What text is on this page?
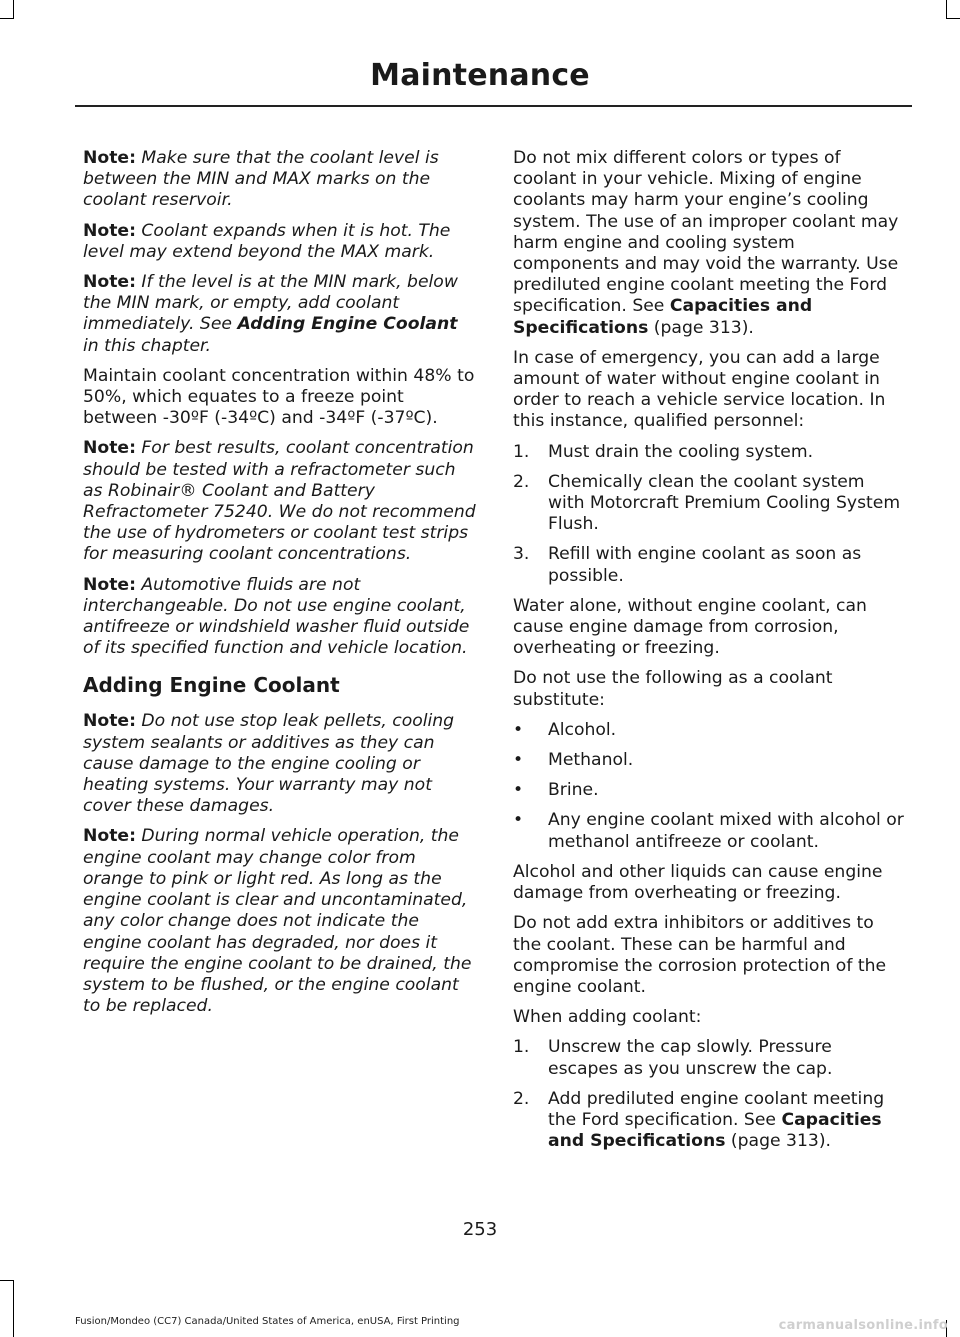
Maintenance

Note: Make sure that the coolant level is between the MIN and MAX marks on the coolant reservoir.

Note: Coolant expands when it is hot. The level may extend beyond the MAX mark.

Note: If the level is at the MIN mark, below the MIN mark, or empty, add coolant immediately. See Adding Engine Coolant in this chapter.

Maintain coolant concentration within 48% to 50%, which equates to a freeze point between -30ºF (-34ºC) and -34ºF (-37ºC).

Note: For best results, coolant concentration should be tested with a refractometer such as Robinair® Coolant and Battery Refractometer 75240. We do not recommend the use of hydrometers or coolant test strips for measuring coolant concentrations.

Note: Automotive fluids are not interchangeable. Do not use engine coolant, antifreeze or windshield washer fluid outside of its specified function and vehicle location.

Adding Engine Coolant

Note: Do not use stop leak pellets, cooling system sealants or additives as they can cause damage to the engine cooling or heating systems. Your warranty may not cover these damages.

Note: During normal vehicle operation, the engine coolant may change color from orange to pink or light red. As long as the engine coolant is clear and uncontaminated, any color change does not indicate the engine coolant has degraded, nor does it require the engine coolant to be drained, the system to be flushed, or the engine coolant to be replaced.

Do not mix different colors or types of coolant in your vehicle. Mixing of engine coolants may harm your engine’s cooling system. The use of an improper coolant may harm engine and cooling system components and may void the warranty. Use prediluted engine coolant meeting the Ford specification. See Capacities and Specifications (page 313).

In case of emergency, you can add a large amount of water without engine coolant in order to reach a vehicle service location. In this instance, qualified personnel:

1. Must drain the cooling system.
2. Chemically clean the coolant system with Motorcraft Premium Cooling System Flush.
3. Refill with engine coolant as soon as possible.

Water alone, without engine coolant, can cause engine damage from corrosion, overheating or freezing.

Do not use the following as a coolant substitute:

• Alcohol.
• Methanol.
• Brine.
• Any engine coolant mixed with alcohol or methanol antifreeze or coolant.

Alcohol and other liquids can cause engine damage from overheating or freezing.

Do not add extra inhibitors or additives to the coolant. These can be harmful and compromise the corrosion protection of the engine coolant.

When adding coolant:

1. Unscrew the cap slowly. Pressure escapes as you unscrew the cap.
2. Add prediluted engine coolant meeting the Ford specification. See Capacities and Specifications (page 313).
253
Fusion/Mondeo (CC7) Canada/United States of America, enUSA, First Printing	carmanualsonline.info
